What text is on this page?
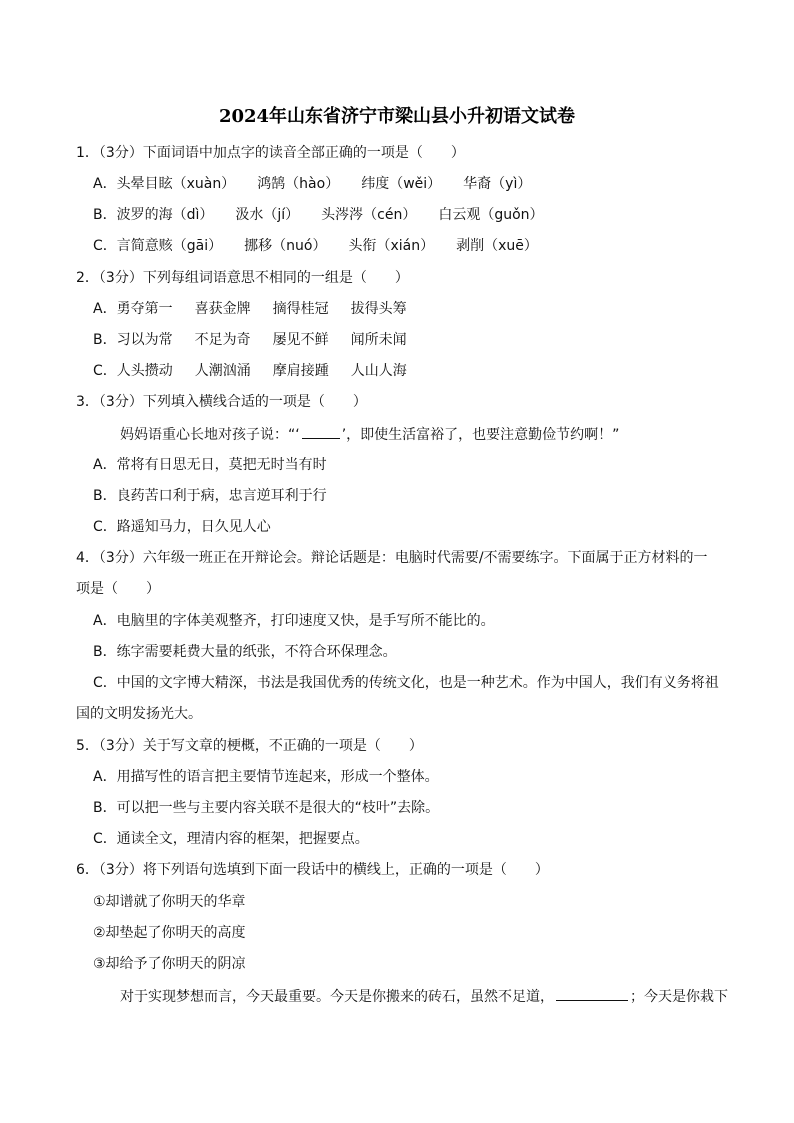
2024年山东省济宁市梁山县小升初语文试卷
1．（3分）下面词语中加点字的读音全部正确的一项是（　　）
A．头晕目眩（xuàn） 鸿鹄（hào） 纬度（wěi） 华裔（yì）
B．波罗的海（dì） 汲水（jí） 头涔涔（cén） 白云观（guǒn）
C．言简意赅（gāi） 挪移（nuó） 头衔（xián） 剥削（xuē）
2．（3分）下列每组词语意思不相同的一组是（　　）
A．勇夺第一 喜获金牌 摘得桂冠 拔得头筹
B．习以为常 不足为奇 屡见不鲜 闻所未闻
C．人头攒动 人潮汹涌 摩肩接踵 人山人海
3．（3分）下列填入横线合适的一项是（　　）
妈妈语重心长地对孩子说：“‘	’，即使生活富裕了，也要注意勤俭节约啊！”
A．常将有日思无日，莫把无时当有时
B．良药苦口利于病，忠言逆耳利于行
C．路遥知马力，日久见人心
4．（3分）六年级一班正在开辩论会。辩论话题是：电脑时代需要/不需要练字。下面属于正方材料的一
项是（　　）
A．电脑里的字体美观整齐，打印速度又快，是手写所不能比的。
B．练字需要耗费大量的纸张，不符合环保理念。
C．中国的文字博大精深，书法是我国优秀的传统文化，也是一种艺术。作为中国人，我们有义务将祖
国的文明发扬光大。
5．（3分）关于写文章的梗概，不正确的一项是（　　）
A．用描写性的语言把主要情节连起来，形成一个整体。
B．可以把一些与主要内容关联不是很大的“枝叶”去除。
C．通读全文，理清内容的框架，把握要点。
6．（3分）将下列语句选填到下面一段话中的横线上，正确的一项是（　　）
①却谱就了你明天的华章
②却垫起了你明天的高度
③却给予了你明天的阴凉
对于实现梦想而言，今天最重要。今天是你搬来的砖石，虽然不足道，	；今天是你栽下
